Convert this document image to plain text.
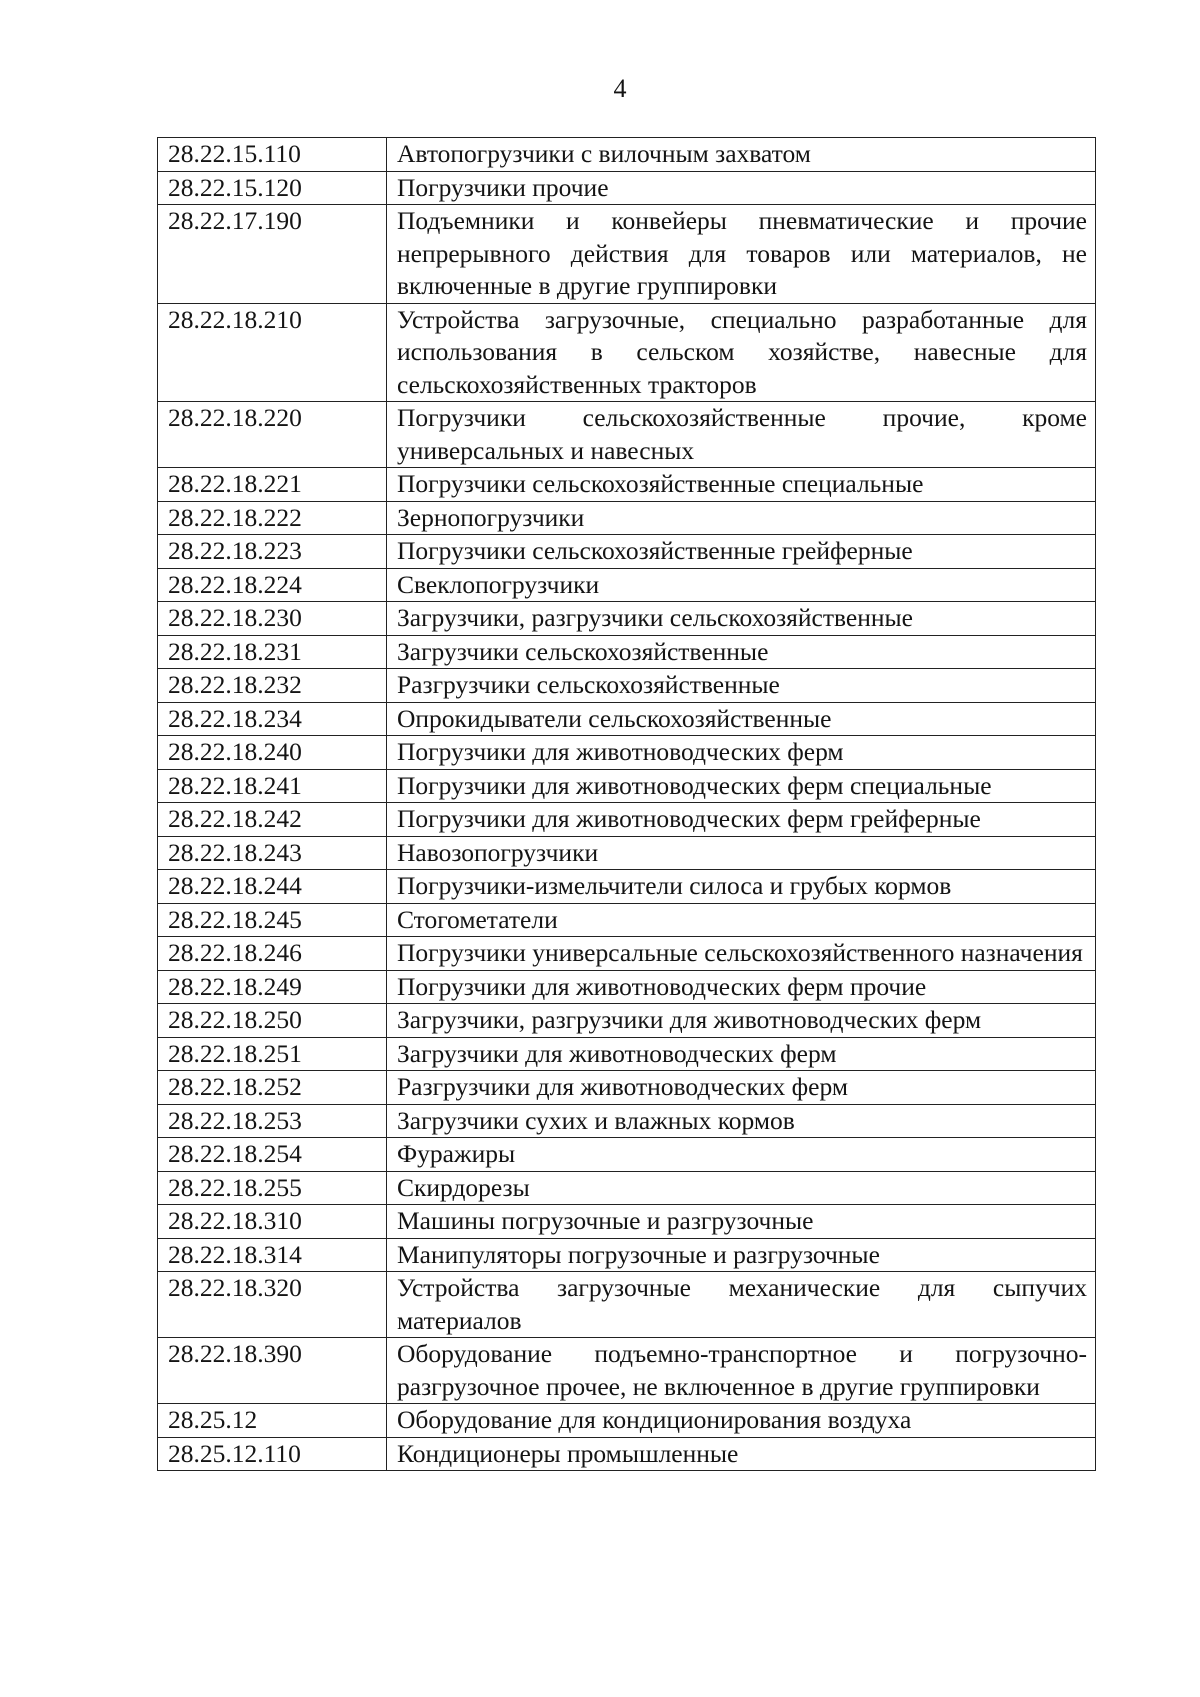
4
28.22.15.110	Автопогрузчики с вилочным захватом
28.22.15.120	Погрузчики прочие
28.22.17.190	Подъемники и конвейеры пневматические и прочие непрерывного действия для товаров или материалов, не включенные в другие группировки
28.22.18.210	Устройства загрузочные, специально разработанные для использования в сельском хозяйстве, навесные для сельскохозяйственных тракторов
28.22.18.220	Погрузчики сельскохозяйственные прочие, кроме универсальных и навесных
28.22.18.221	Погрузчики сельскохозяйственные специальные
28.22.18.222	Зернопогрузчики
28.22.18.223	Погрузчики сельскохозяйственные грейферные
28.22.18.224	Свеклопогрузчики
28.22.18.230	Загрузчики, разгрузчики сельскохозяйственные
28.22.18.231	Загрузчики сельскохозяйственные
28.22.18.232	Разгрузчики сельскохозяйственные
28.22.18.234	Опрокидыватели сельскохозяйственные
28.22.18.240	Погрузчики для животноводческих ферм
28.22.18.241	Погрузчики для животноводческих ферм специальные
28.22.18.242	Погрузчики для животноводческих ферм грейферные
28.22.18.243	Навозопогрузчики
28.22.18.244	Погрузчики-измельчители силоса и грубых кормов
28.22.18.245	Стогометатели
28.22.18.246	Погрузчики универсальные сельскохозяйственного назначения
28.22.18.249	Погрузчики для животноводческих ферм прочие
28.22.18.250	Загрузчики, разгрузчики для животноводческих ферм
28.22.18.251	Загрузчики для животноводческих ферм
28.22.18.252	Разгрузчики для животноводческих ферм
28.22.18.253	Загрузчики сухих и влажных кормов
28.22.18.254	Фуражиры
28.22.18.255	Скирдорезы
28.22.18.310	Машины погрузочные и разгрузочные
28.22.18.314	Манипуляторы погрузочные и разгрузочные
28.22.18.320	Устройства загрузочные механические для сыпучих материалов
28.22.18.390	Оборудование подъемно-транспортное и погрузочно-разгрузочное прочее, не включенное в другие группировки
28.25.12	Оборудование для кондиционирования воздуха
28.25.12.110	Кондиционеры промышленные
